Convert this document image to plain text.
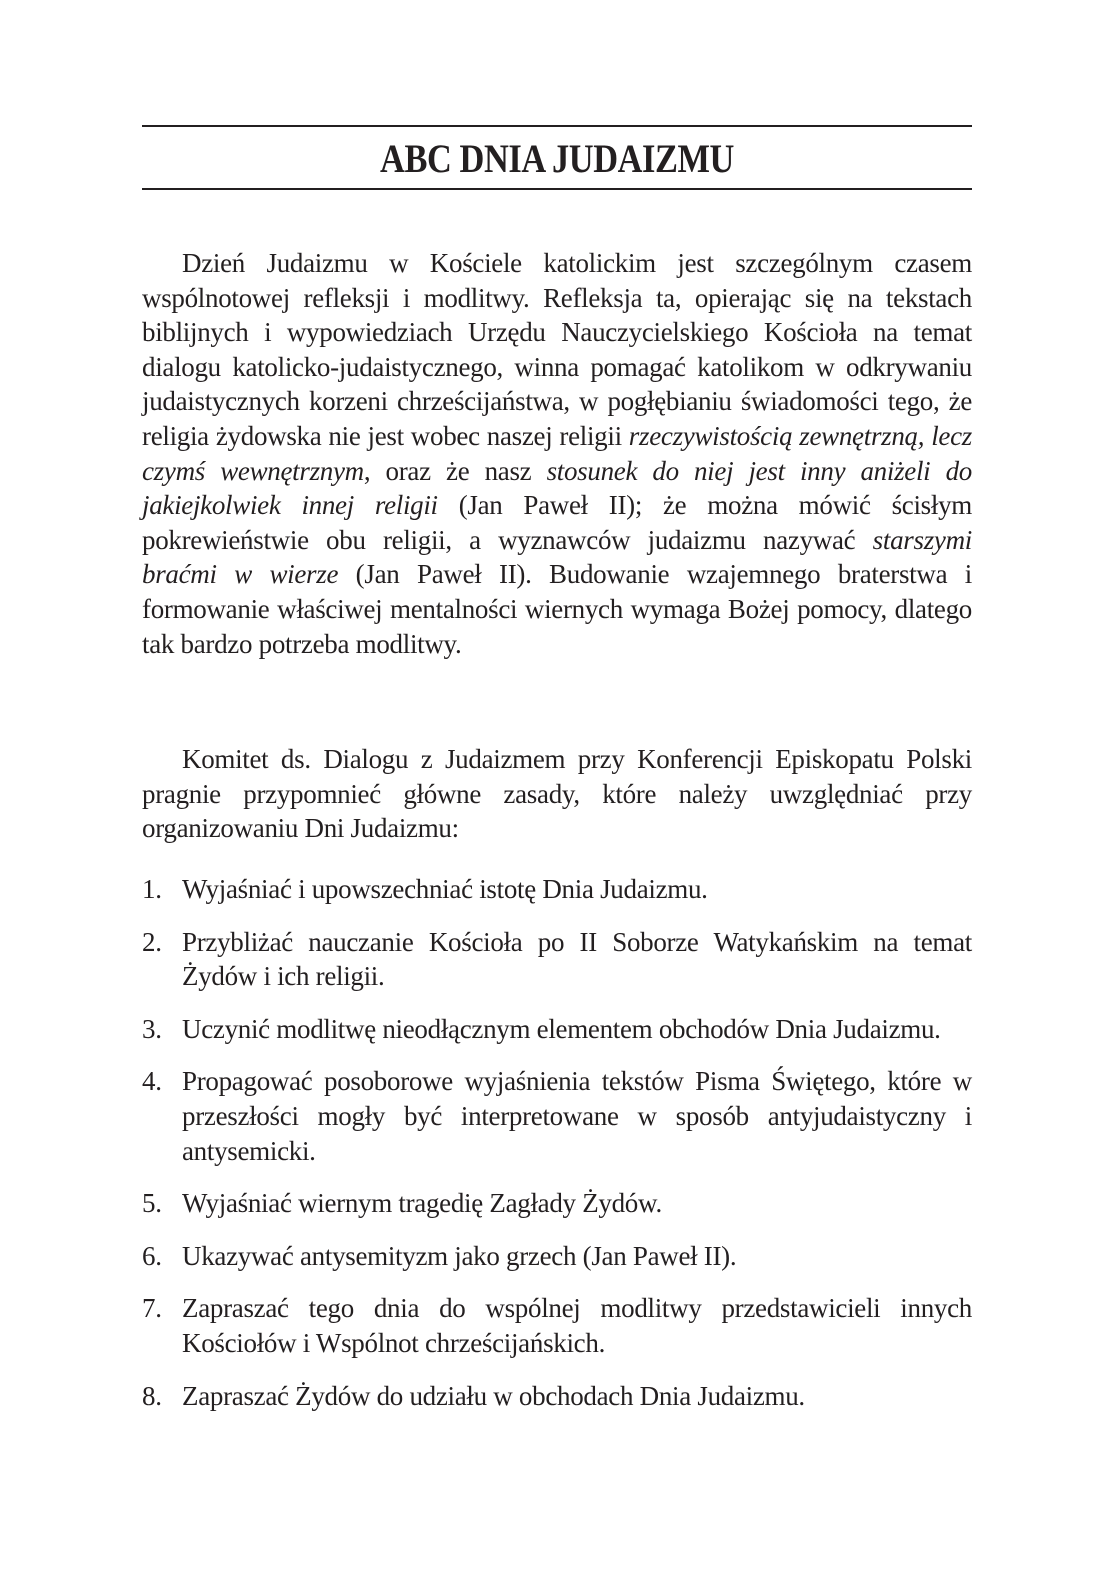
ABC DNIA JUDAIZMU

Dzień Judaizmu w Kościele katolickim jest szczególnym czasem wspólnotowej refleksji i modlitwy. Refleksja ta, opierając się na tekstach biblijnych i wypowiedziach Urzędu Nauczycielskiego Kościoła na temat dialogu katolicko-judaistycznego, winna pomagać katolikom w odkrywaniu judaistycznych korzeni chrześcijaństwa, w pogłębianiu świadomości tego, że religia żydowska nie jest wobec naszej religii rzeczywistością zewnętrzną, lecz czymś wewnętrznym, oraz że nasz stosunek do niej jest inny aniżeli do jakiejkolwiek innej religii (Jan Paweł II); że można mówić ścisłym pokrewieństwie obu religii, a wyznawców judaizmu nazywać starszymi braćmi w wierze (Jan Paweł II). Budowanie wzajemnego braterstwa i formowanie właściwej mentalności wiernych wymaga Bożej pomocy, dlatego tak bardzo potrzeba modlitwy.

Komitet ds. Dialogu z Judaizmem przy Konferencji Episkopatu Polski pragnie przypomnieć główne zasady, które należy uwzględniać przy organizowaniu Dni Judaizmu:

1. Wyjaśniać i upowszechniać istotę Dnia Judaizmu.
2. Przybliżać nauczanie Kościoła po II Soborze Watykańskim na temat Żydów i ich religii.
3. Uczynić modlitwę nieodłącznym elementem obchodów Dnia Judaizmu.
4. Propagować posoborowe wyjaśnienia tekstów Pisma Świętego, które w przeszłości mogły być interpretowane w sposób antyjudaistyczny i antysemicki.
5. Wyjaśniać wiernym tragedię Zagłady Żydów.
6. Ukazywać antysemityzm jako grzech (Jan Paweł II).
7. Zapraszać tego dnia do wspólnej modlitwy przedstawicieli innych Kościołów i Wspólnot chrześcijańskich.
8. Zapraszać Żydów do udziału w obchodach Dnia Judaizmu.
